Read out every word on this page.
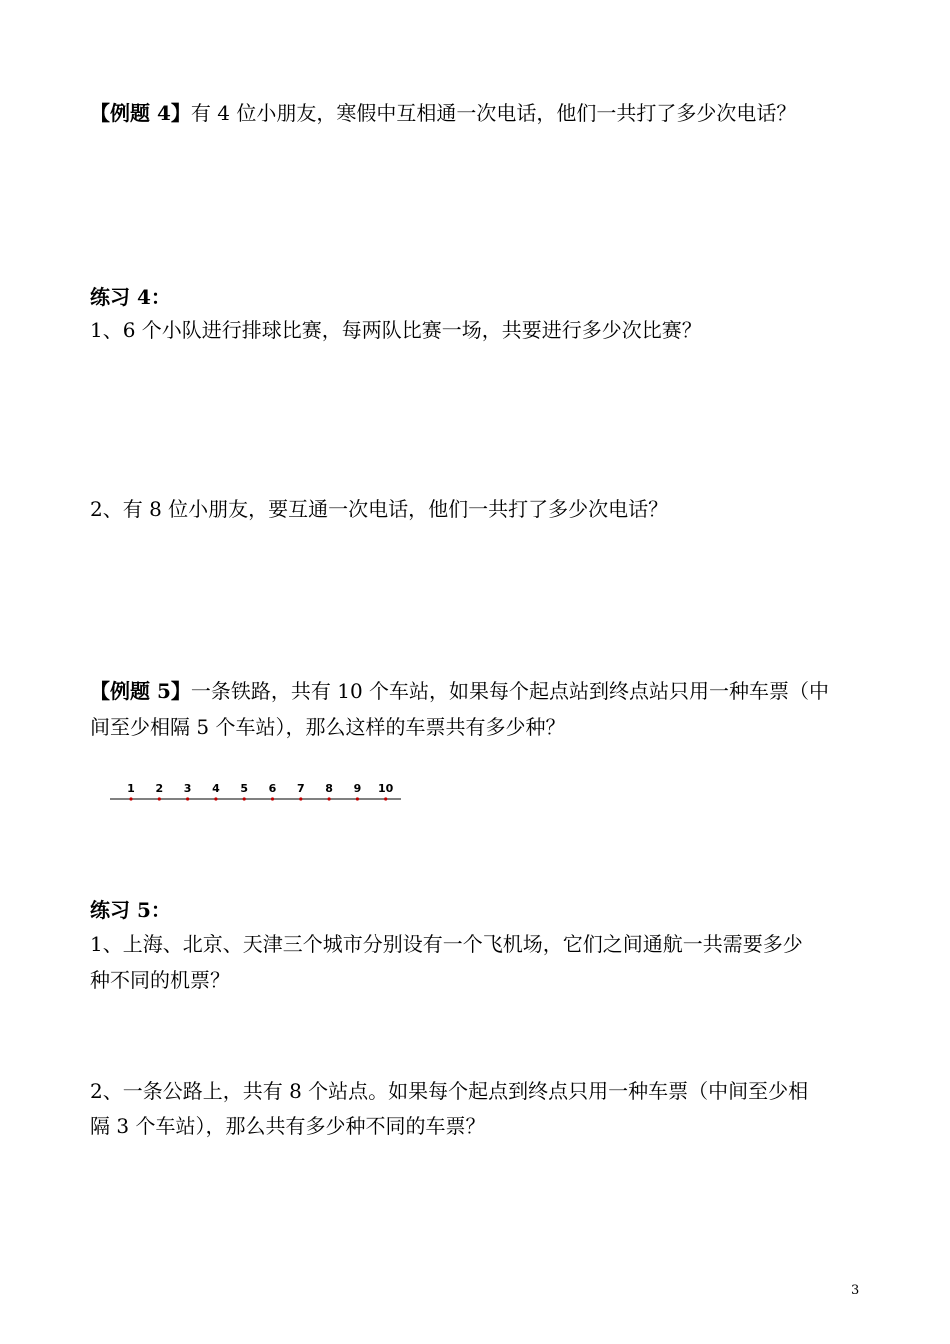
【例题 4】有 4 位小朋友，寒假中互相通一次电话，他们一共打了多少次电话？

练习 4：

1、6 个小队进行排球比赛，每两队比赛一场，共要进行多少次比赛？

2、有 8 位小朋友，要互通一次电话，他们一共打了多少次电话？

【例题 5】一条铁路，共有 10 个车站，如果每个起点站到终点站只用一种车票（中

间至少相隔 5 个车站），那么这样的车票共有多少种？

1 2 3 4 5 6 7 8 9 10

练习 5：

1、上海、北京、天津三个城市分别设有一个飞机场，它们之间通航一共需要多少

种不同的机票？

2、一条公路上，共有 8 个站点。如果每个起点到终点只用一种车票（中间至少相

隔 3 个车站），那么共有多少种不同的车票？

3
